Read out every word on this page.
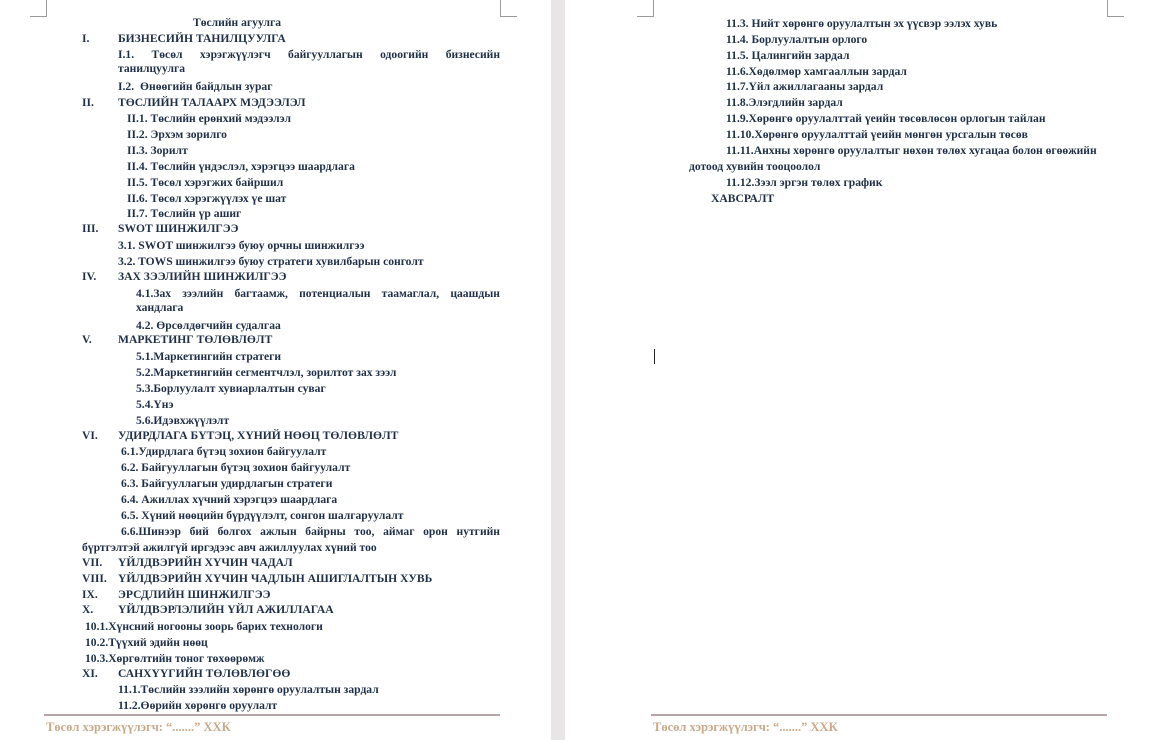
Төслийн агуулга
I. БИЗНЕСИЙН ТАНИЛЦУУЛГА
I.1. Төсөл хэрэгжүүлэгч байгууллагын одоогийн бизнесийн
танилцуулга
I.2. Өнөөгийн байдлын зураг
II. ТӨСЛИЙН ТАЛААРХ МЭДЭЭЛЭЛ
II.1. Төслийн ерөнхий мэдээлэл
II.2. Эрхэм зорилго
II.3. Зорилт
II.4. Төслийн үндэслэл, хэрэгцээ шаардлага
II.5. Төсөл хэрэгжих байршил
II.6. Төсөл хэрэгжүүлэх үе шат
II.7. Төслийн үр ашиг
III. SWOT ШИНЖИЛГЭЭ
3.1. SWOT шинжилгээ буюу орчны шинжилгээ
3.2. TOWS шинжилгээ буюу стратеги хувилбарын сонголт
IV. ЗАХ ЗЭЭЛИЙН ШИНЖИЛГЭЭ
4.1.Зах зээлийн багтаамж, потенциалын таамаглал, цаашдын
хандлага
4.2. Өрсөлдөгчийн судалгаа
V. МАРКЕТИНГ ТӨЛӨВЛӨЛТ
5.1.Маркетингийн стратеги
5.2.Маркетингийн сегментчлэл, зорилтот зах зээл
5.3.Борлуулалт хувиарлалтын суваг
5.4.Үнэ
5.6.Идэвхжүүлэлт
VI. УДИРДЛАГА БҮТЭЦ, ХҮНИЙ НӨӨЦ ТӨЛӨВЛӨЛТ
6.1.Удирдлага бүтэц зохион байгуулалт
6.2. Байгууллагын бүтэц зохион байгуулалт
6.3. Байгууллагын удирдлагын стратеги
6.4. Ажиллах хүчний хэрэгцээ шаардлага
6.5. Хүний нөөцийн бүрдүүлэлт, сонгон шалгаруулалт
6.6.Шинээр бий болгох ажлын байрны тоо, аймаг орон нутгийн
бүртгэлтэй ажилгүй иргэдээс авч ажиллуулах хүний тоо
VII. ҮЙЛДВЭРИЙН ХҮЧИН ЧАДАЛ
VIII. ҮЙЛДВЭРИЙН ХҮЧИН ЧАДЛЫН АШИГЛАЛТЫН ХУВЬ
IX. ЭРСДЛИЙН ШИНЖИЛГЭЭ
X. ҮЙЛДВЭРЛЭЛИЙН ҮЙЛ АЖИЛЛАГАА
10.1.Хүнсний ногооны зоорь барих технологи
10.2.Түүхий эдийн нөөц
10.3.Хөргөлтийн тоног төхөөрөмж
XI. САНХҮҮГИЙН ТӨЛӨВЛӨГӨӨ
11.1.Төслийн зээлийн хөрөнгө оруулалтын зардал
11.2.Өөрийн хөрөнгө оруулалт
Төсөл хэрэгжүүлэгч: “.......” ХХК
11.3. Нийт хөрөнгө оруулалтын эх үүсвэр ээлэх хувь
11.4. Борлуулалтын орлого
11.5. Цалингийн зардал
11.6.Хөдөлмөр хамгааллын зардал
11.7.Үйл ажиллагааны зардал
11.8.Элэгдлийн зардал
11.9.Хөрөнгө оруулалттай үеийн төсөвлөсөн орлогын тайлан
11.10.Хөрөнгө оруулалттай үеийн мөнгөн урсгалын төсөв
11.11.Анхны хөрөнгө оруулалтыг нөхөн төлөх хугацаа болон өгөөжийн
дотоод хувийн тооцоолол
11.12.Зээл эргэн төлөх график
ХАВСРАЛТ
Төсөл хэрэгжүүлэгч: “.......” ХХК
